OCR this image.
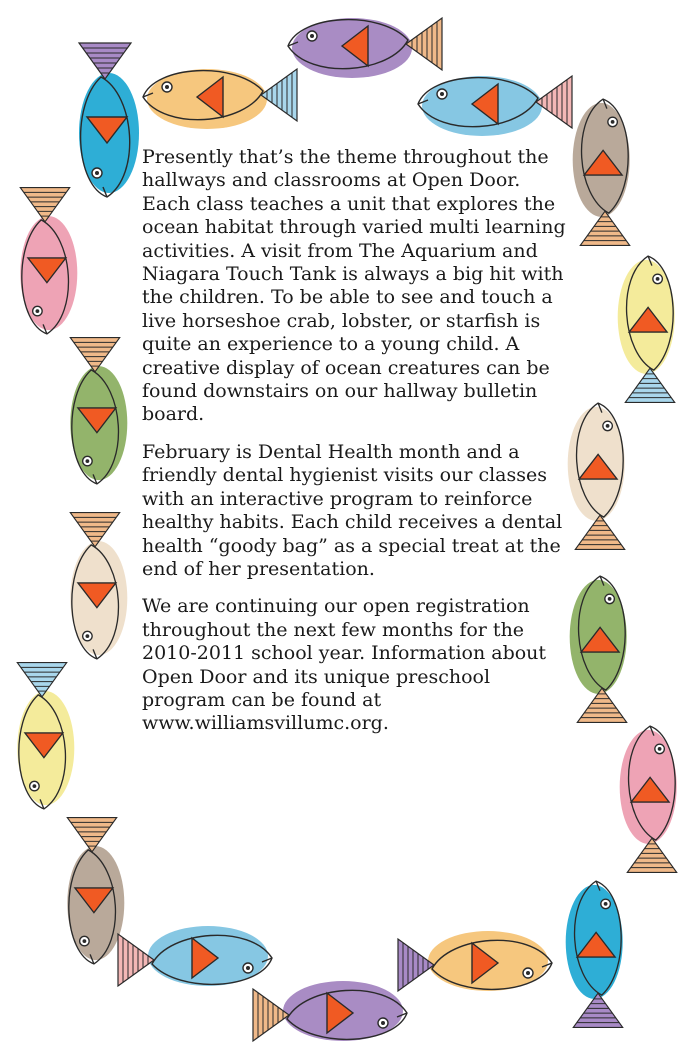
Presently that’s the theme throughout the hallways and classrooms at Open Door. Each class teaches a unit that explores the ocean habitat through varied multi learning activities. A visit from The Aquarium and Niagara Touch Tank is always a big hit with the children. To be able to see and touch a live horseshoe crab, lobster, or starfish is quite an experience to a young child. A creative display of ocean creatures can be found downstairs on our hallway bulletin board.

February is Dental Health month and a friendly dental hygienist visits our classes with an interactive program to reinforce healthy habits. Each child receives a dental health “goody bag” as a special treat at the end of her presentation.

We are continuing our open registration throughout the next few months for the 2010-2011 school year. Information about Open Door and its unique preschool program can be found at www.williamsvillumc.org.
